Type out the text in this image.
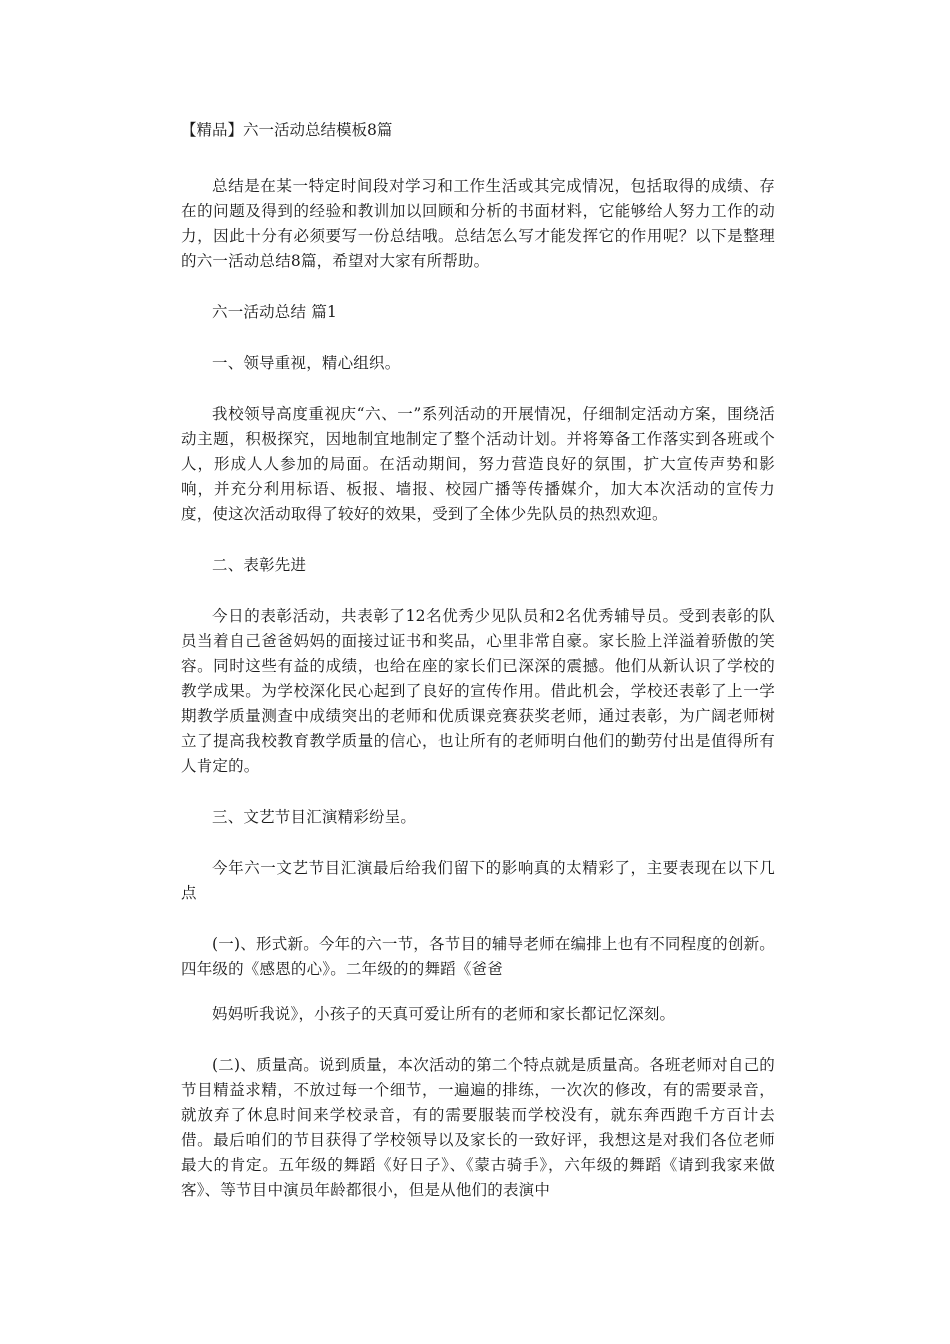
【精品】六一活动总结模板8篇

总结是在某一特定时间段对学习和工作生活或其完成情况，包括取得的成绩、存在的问题及得到的经验和教训加以回顾和分析的书面材料，它能够给人努力工作的动力，因此十分有必须要写一份总结哦。总结怎么写才能发挥它的作用呢？以下是整理的六一活动总结8篇，希望对大家有所帮助。

六一活动总结 篇1

一、领导重视，精心组织。

我校领导高度重视庆“六、一”系列活动的开展情况，仔细制定活动方案，围绕活动主题，积极探究，因地制宜地制定了整个活动计划。并将筹备工作落实到各班或个人，形成人人参加的局面。在活动期间，努力营造良好的氛围，扩大宣传声势和影响，并充分利用标语、板报、墙报、校园广播等传播媒介，加大本次活动的宣传力度，使这次活动取得了较好的效果，受到了全体少先队员的热烈欢迎。

二、表彰先进

今日的表彰活动，共表彰了12名优秀少见队员和2名优秀辅导员。受到表彰的队员当着自己爸爸妈妈的面接过证书和奖品，心里非常自豪。家长脸上洋溢着骄傲的笑容。同时这些有益的成绩，也给在座的家长们已深深的震撼。他们从新认识了学校的教学成果。为学校深化民心起到了良好的宣传作用。借此机会，学校还表彰了上一学期教学质量测查中成绩突出的老师和优质课竞赛获奖老师，通过表彰，为广阔老师树立了提高我校教育教学质量的信心，也让所有的老师明白他们的勤劳付出是值得所有人肯定的。

三、文艺节目汇演精彩纷呈。

今年六一文艺节目汇演最后给我们留下的影响真的太精彩了，主要表现在以下几点

(一)、形式新。今年的六一节，各节目的辅导老师在编排上也有不同程度的创新。四年级的《感恩的心》。二年级的的舞蹈《爸爸

妈妈听我说》，小孩子的天真可爱让所有的老师和家长都记忆深刻。

(二)、质量高。说到质量，本次活动的第二个特点就是质量高。各班老师对自己的节目精益求精，不放过每一个细节，一遍遍的排练，一次次的修改，有的需要录音，就放弃了休息时间来学校录音，有的需要服装而学校没有，就东奔西跑千方百计去借。最后咱们的节目获得了学校领导以及家长的一致好评，我想这是对我们各位老师最大的肯定。五年级的舞蹈《好日子》、《蒙古骑手》，六年级的舞蹈《请到我家来做客》、等节目中演员年龄都很小，但是从他们的表演中
